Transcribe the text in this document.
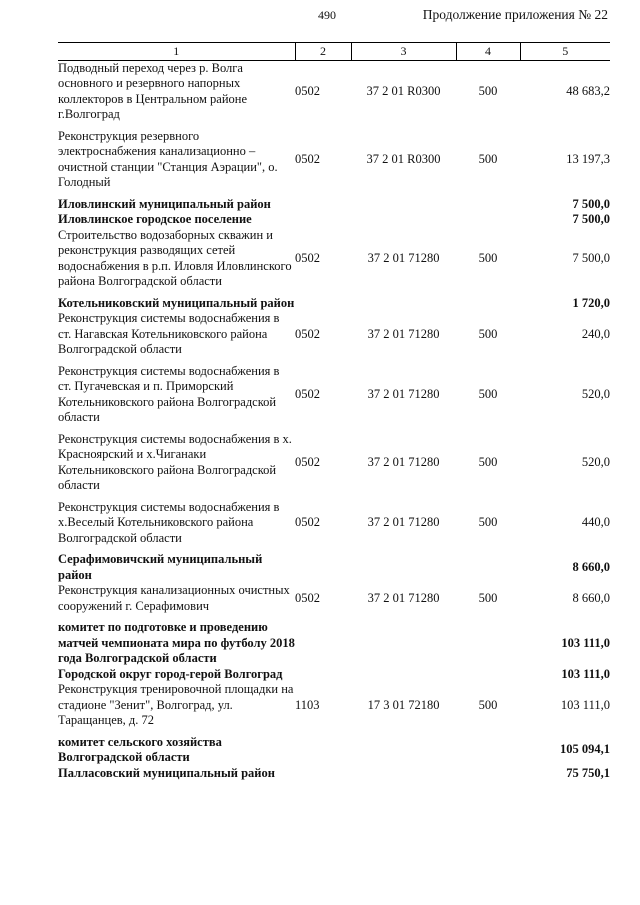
490	Продолжение приложения № 22
1	2	3	4	5
Подводный переход через р. Волга основного и резервного напорных коллекторов в Центральном районе г.Волгоград	0502	37 2 01 R0300	500	48 683,2
Реконструкция резервного электроснабжения канализационно – очистной станции "Станция Аэрации", о. Голодный	0502	37 2 01 R0300	500	13 197,3
Иловлинский муниципальный район				7 500,0
Иловлинское городское поселение				7 500,0
Строительство водозаборных скважин и реконструкция разводящих сетей водоснабжения в р.п. Иловля Иловлинского района Волгоградской области	0502	37 2 01 71280	500	7 500,0
Котельниковский муниципальный район				1 720,0
Реконструкция системы водоснабжения в ст. Нагавская Котельниковского района Волгоградской области	0502	37 2 01 71280	500	240,0
Реконструкция системы водоснабжения в ст. Пугачевская и п. Приморский Котельниковского района Волгоградской области	0502	37 2 01 71280	500	520,0
Реконструкция системы водоснабжения в х. Красноярский и х.Чиганаки Котельниковского района Волгоградской области	0502	37 2 01 71280	500	520,0
Реконструкция системы водоснабжения в х.Веселый Котельниковского района Волгоградской области	0502	37 2 01 71280	500	440,0
Серафимовичский муниципальный район				8 660,0
Реконструкция канализационных очистных сооружений г. Серафимович	0502	37 2 01 71280	500	8 660,0
комитет по подготовке и проведению матчей чемпионата мира по футболу 2018 года Волгоградской области				103 111,0
Городской округ город-герой Волгоград				103 111,0
Реконструкция тренировочной площадки на стадионе "Зенит", Волгоград, ул. Таращанцев, д. 72	1103	17 3 01 72180	500	103 111,0
комитет сельского хозяйства Волгоградской области				105 094,1
Палласовский муниципальный район				75 750,1
